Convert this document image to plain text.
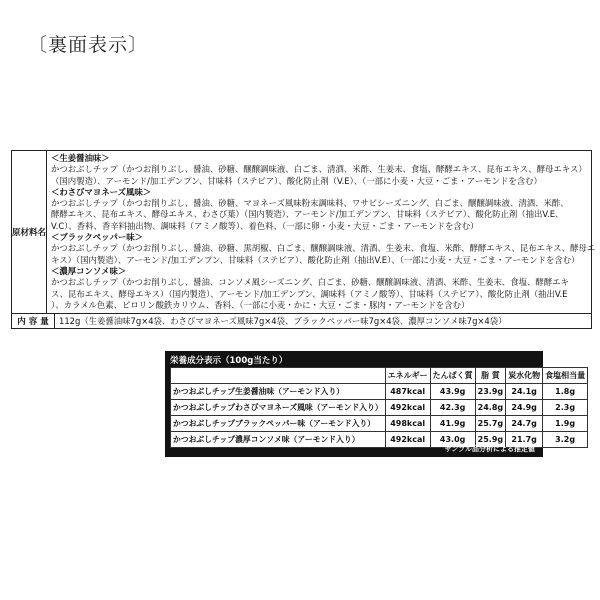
〔裏面表示〕
原材料名
＜生姜醤油味＞
かつおぶしチップ（かつお削りぶし、醤油、砂糖、醸醸調味液、白ごま、清酒、米酢、生姜末、食塩、酵酵エキス、昆布エキス、酵母エキス）
（国内製造）、アーモンド/加工デンプン、甘味料（ステビア）、酸化防止剤（V.E）、（一部に小麦・大豆・ごま・アーモンドを含む）
＜わさびマヨネーズ風味＞
かつおぶしチップ（かつお削りぶし、醤油、砂糖、マヨネーズ風味粉末調味料、ワサビシーズニング、白ごま、醸醸調味液、清酒、米酢、
酵酵エキス、昆布エキス、酵母エキス、わさび葉）（国内製造）、アーモンド/加工デンプン、甘味料（ステビア）、酸化防止剤（抽出V.E、
V.C）、香料、香辛料抽出物、調味料（アミノ酸等）、着色料、（一部に卵・小麦・大豆・ごま・アーモンドを含む）
＜ブラックペッパー味＞
かつおぶしチップ（かつお削りぶし、醤油、砂糖、黒胡椒、白ごま、醸醸調味液、清酒、生姜末、食塩、米酢、酵酵エキス、昆布エキス、酵母エ
キス）（国内製造）、アーモンド/加工デンプン、甘味料（ステビア）、酸化防止剤（抽出V.E）、（一部に小麦・大豆・ごま・アーモンドを含む）
＜濃厚コンソメ味＞
かつおぶしチップ（かつお削りぶし、醤油、コンソメ風シーズニング、白ごま、砂糖、醸醸調味液、清酒、米酢、生姜末、食塩、酵酵エキ
ス、昆布エキス、酵母エキス）（国内製造）、アーモンド/加工デンプン、調味料（アミノ酸等）、甘味料（ステビア）、酸化防止剤（抽出V.E
）、カラメル色素、ピロリン酸鉄カリウム、香料、（一部に小麦・かに・大豆・ごま・豚肉・アーモンドを含む）
内 容 量	112g（生姜醤油味7g×4袋、わさびマヨネーズ風味7g×4袋、ブラックペッパー味7g×4袋、濃厚コンソメ味7g×4袋）
栄養成分表示（100g当たり）
	エネルギー	たんぱく質	脂 質	炭水化物	食塩相当量
かつおぶしチップ生姜醤油味（アーモンド入り）	487kcal	43.9g	23.9g	24.1g	1.8g
かつおぶしチップわさびマヨネーズ風味（アーモンド入り）	492kcal	42.3g	24.8g	24.9g	2.3g
かつおぶしチップブラックペッパー味（アーモンド入り）	498kcal	41.9g	25.7g	24.7g	1.9g
かつおぶしチップ濃厚コンソメ味（アーモンド入り）	492kcal	43.0g	25.9g	21.7g	3.2g
サンプル品分析による推定値
